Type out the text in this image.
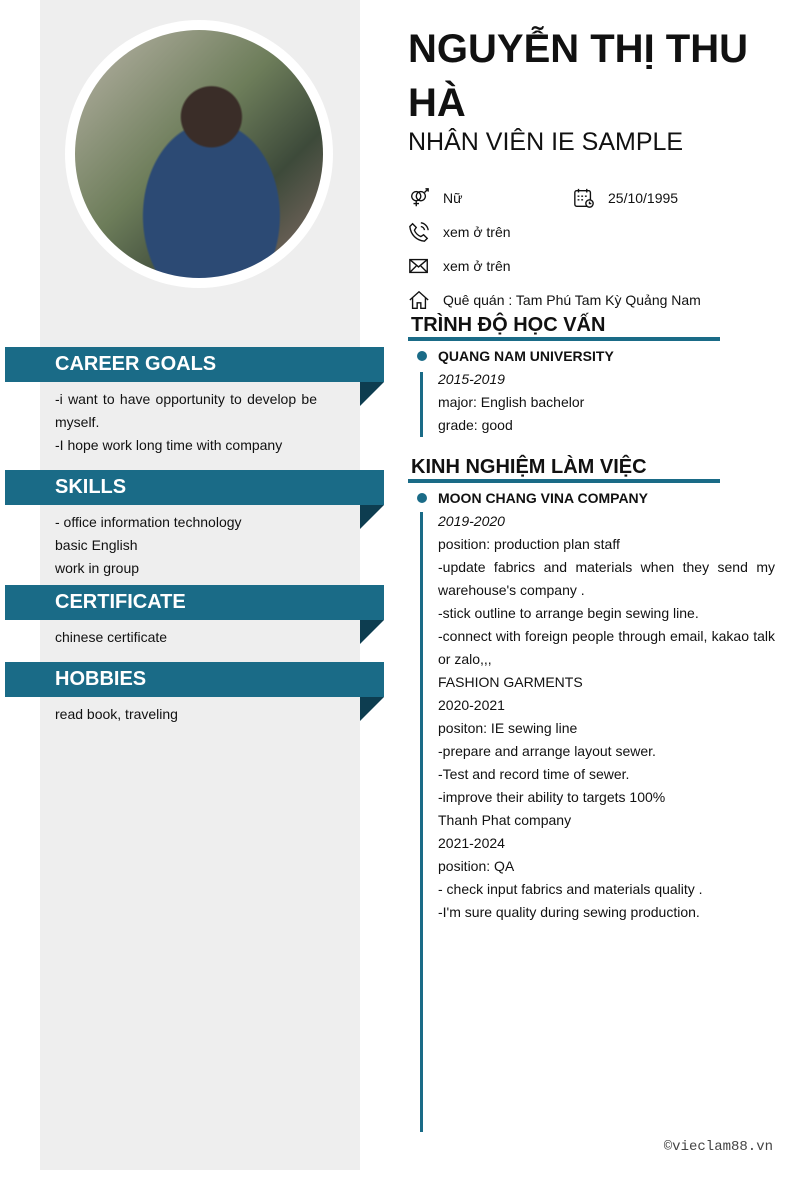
CAREER GOALS
-i want to have opportunity to develop be myself.
-I hope work long time with company
SKILLS
- office information technology
basic English
work in group
CERTIFICATE
chinese certificate
HOBBIES
read book, traveling
NGUYỄN THỊ THU HÀ
NHÂN VIÊN IE SAMPLE
Nữ	25/10/1995
xem ở trên
xem ở trên
Quê quán : Tam Phú Tam Kỳ Quảng Nam
TRÌNH ĐỘ HỌC VẤN
QUANG NAM UNIVERSITY
2015-2019
major: English bachelor
grade: good
KINH NGHIỆM LÀM VIỆC
MOON CHANG VINA COMPANY
2019-2020
position: production plan staff
-update fabrics and materials when they send my warehouse's company .
-stick outline to arrange begin sewing line.
-connect with foreign people through email, kakao talk or zalo,,,
FASHION GARMENTS
2020-2021
positon: IE sewing line
-prepare and arrange layout sewer.
-Test and record time of sewer.
-improve their ability to targets 100%
Thanh Phat company
2021-2024
position: QA
- check input fabrics and materials quality .
-I'm sure quality during sewing production.
©vieclam88.vn
